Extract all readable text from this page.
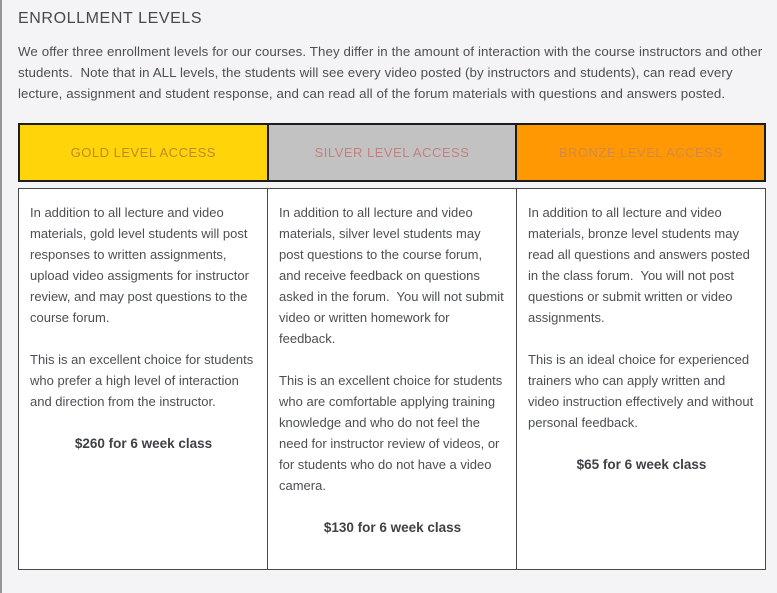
ENROLLMENT LEVELS

We offer three enrollment levels for our courses. They differ in the amount of interaction with the course instructors and other students.  Note that in ALL levels, the students will see every video posted (by instructors and students), can read every lecture, assignment and student response, and can read all of the forum materials with questions and answers posted.

GOLD LEVEL ACCESS	SILVER LEVEL ACCESS	BRONZE LEVEL ACCESS

In addition to all lecture and video materials, gold level students will post responses to written assignments, upload video assigments for instructor review, and may post questions to the course forum.

This is an excellent choice for students who prefer a high level of interaction and direction from the instructor.

$260 for 6 week class

In addition to all lecture and video materials, silver level students may post questions to the course forum, and receive feedback on questions asked in the forum.  You will not submit video or written homework for feedback.

This is an excellent choice for students who are comfortable applying training knowledge and who do not feel the need for instructor review of videos, or for students who do not have a video camera.

$130 for 6 week class

In addition to all lecture and video materials, bronze level students may read all questions and answers posted in the class forum.  You will not post questions or submit written or video assignments.

This is an ideal choice for experienced trainers who can apply written and video instruction effectively and without personal feedback.

$65 for 6 week class
